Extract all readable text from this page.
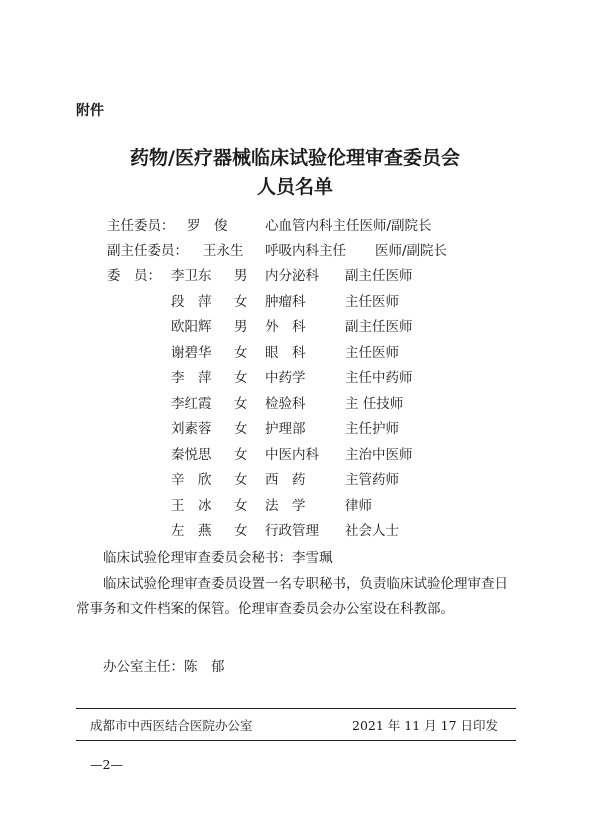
附件
药物/医疗器械临床试验伦理审查委员会
人员名单
主任委员： 罗　俊	心血管内科主任医师/副院长
副主任委员： 王永生 呼吸内科主任 医师/副院长
委　员： 李卫东 男 内分泌科 副主任医师
段　萍 女 肿瘤科	主任医师
欧阳辉 男 外　科	副主任医师
谢碧华 女 眼　科	主任医师
李　萍 女 中药学	主任中药师
李红霞 女 检验科	主 任技师
刘素蓉 女 护理部	主任护师
秦悦思 女 中医内科 主治中医师
辛　欣 女 西　药	主管药师
王　冰 女 法　学	律师
左　燕 女 行政管理 社会人士
临床试验伦理审查委员会秘书：李雪珮
临床试验伦理审查委员设置一名专职秘书，负责临床试验伦理审查日常事务和文件档案的保管。伦理审查委员会办公室设在科教部。
办公室主任：陈　郁
成都市中西医结合医院办公室	2021 年 11 月 17 日印发
—2—
